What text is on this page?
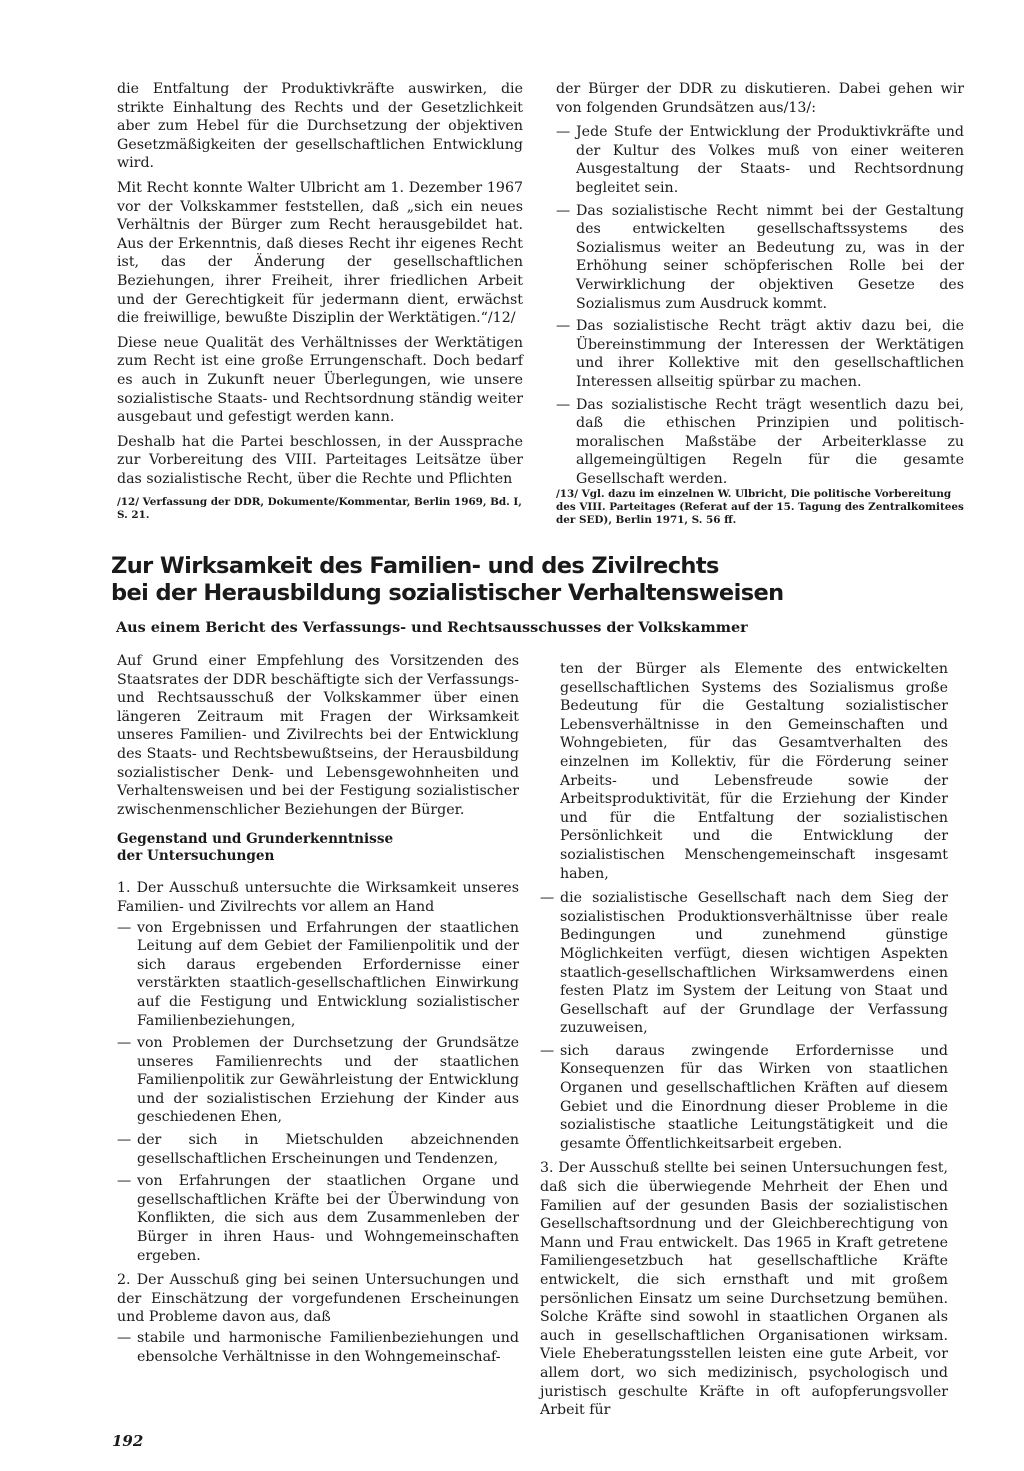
die Entfaltung der Produktivkräfte auswirken, die strikte Einhaltung des Rechts und der Gesetzlichkeit aber zum Hebel für die Durchsetzung der objektiven Gesetzmäßigkeiten der gesellschaftlichen Entwicklung wird.

Mit Recht konnte Walter Ulbricht am 1. Dezember 1967 vor der Volkskammer feststellen, daß „sich ein neues Verhältnis der Bürger zum Recht herausgebildet hat. Aus der Erkenntnis, daß dieses Recht ihr eigenes Recht ist, das der Änderung der gesellschaftlichen Beziehungen, ihrer Freiheit, ihrer friedlichen Arbeit und der Gerechtigkeit für jedermann dient, erwächst die freiwillige, bewußte Disziplin der Werktätigen.“/12/

Diese neue Qualität des Verhältnisses der Werktätigen zum Recht ist eine große Errungenschaft. Doch bedarf es auch in Zukunft neuer Überlegungen, wie unsere sozialistische Staats- und Rechtsordnung ständig weiter ausgebaut und gefestigt werden kann.

Deshalb hat die Partei beschlossen, in der Aussprache zur Vorbereitung des VIII. Parteitages Leitsätze über das sozialistische Recht, über die Rechte und Pflichten

der Bürger der DDR zu diskutieren. Dabei gehen wir von folgenden Grundsätzen aus/13/:

— Jede Stufe der Entwicklung der Produktivkräfte und der Kultur des Volkes muß von einer weiteren Ausgestaltung der Staats- und Rechtsordnung begleitet sein.
— Das sozialistische Recht nimmt bei der Gestaltung des entwickelten gesellschaftssystems des Sozialismus weiter an Bedeutung zu, was in der Erhöhung seiner schöpferischen Rolle bei der Verwirklichung der objektiven Gesetze des Sozialismus zum Ausdruck kommt.
— Das sozialistische Recht trägt aktiv dazu bei, die Übereinstimmung der Interessen der Werktätigen und ihrer Kollektive mit den gesellschaftlichen Interessen allseitig spürbar zu machen.
— Das sozialistische Recht trägt wesentlich dazu bei, daß die ethischen Prinzipien und politisch-moralischen Maßstäbe der Arbeiterklasse zu allgemeingültigen Regeln für die gesamte Gesellschaft werden.
/12/ Verfassung der DDR, Dokumente/Kommentar, Berlin 1969, Bd. I, S. 21.
/13/ Vgl. dazu im einzelnen W. Ulbricht, Die politische Vorbereitung des VIII. Parteitages (Referat auf der 15. Tagung des Zentralkomitees der SED), Berlin 1971, S. 56 ff.
Zur Wirksamkeit des Familien- und des Zivilrechts
bei der Herausbildung sozialistischer Verhaltensweisen
Aus einem Bericht des Verfassungs- und Rechtsausschusses der Volkskammer

Auf Grund einer Empfehlung des Vorsitzenden des Staatsrates der DDR beschäftigte sich der Verfassungs- und Rechtsausschuß der Volkskammer über einen längeren Zeitraum mit Fragen der Wirksamkeit unseres Familien- und Zivilrechts bei der Entwicklung des Staats- und Rechtsbewußtseins, der Herausbildung sozialistischer Denk- und Lebensgewohnheiten und Verhaltensweisen und bei der Festigung sozialistischer zwischenmenschlicher Beziehungen der Bürger.

Gegenstand und Grunderkenntnisse
der Untersuchungen

1. Der Ausschuß untersuchte die Wirksamkeit unseres Familien- und Zivilrechts vor allem an Hand

— von Ergebnissen und Erfahrungen der staatlichen Leitung auf dem Gebiet der Familienpolitik und der sich daraus ergebenden Erfordernisse einer verstärkten staatlich-gesellschaftlichen Einwirkung auf die Festigung und Entwicklung sozialistischer Familienbeziehungen,
— von Problemen der Durchsetzung der Grundsätze unseres Familienrechts und der staatlichen Familienpolitik zur Gewährleistung der Entwicklung und der sozialistischen Erziehung der Kinder aus geschiedenen Ehen,
— der sich in Mietschulden abzeichnenden gesellschaftlichen Erscheinungen und Tendenzen,
— von Erfahrungen der staatlichen Organe und gesellschaftlichen Kräfte bei der Überwindung von Konflikten, die sich aus dem Zusammenleben der Bürger in ihren Haus- und Wohngemeinschaften ergeben.

2. Der Ausschuß ging bei seinen Untersuchungen und der Einschätzung der vorgefundenen Erscheinungen und Probleme davon aus, daß

— stabile und harmonische Familienbeziehungen und ebensolche Verhältnisse in den Wohngemeinschaf-

ten der Bürger als Elemente des entwickelten gesellschaftlichen Systems des Sozialismus große Bedeutung für die Gestaltung sozialistischer Lebensverhältnisse in den Gemeinschaften und Wohngebieten, für das Gesamtverhalten des einzelnen im Kollektiv, für die Förderung seiner Arbeits- und Lebensfreude sowie der Arbeitsproduktivität, für die Erziehung der Kinder und für die Entfaltung der sozialistischen Persönlichkeit und die Entwicklung der sozialistischen Menschengemeinschaft insgesamt haben,

— die sozialistische Gesellschaft nach dem Sieg der sozialistischen Produktionsverhältnisse über reale Bedingungen und zunehmend günstige Möglichkeiten verfügt, diesen wichtigen Aspekten staatlich-gesellschaftlichen Wirksamwerdens einen festen Platz im System der Leitung von Staat und Gesellschaft auf der Grundlage der Verfassung zuzuweisen,
— sich daraus zwingende Erfordernisse und Konsequenzen für das Wirken von staatlichen Organen und gesellschaftlichen Kräften auf diesem Gebiet und die Einordnung dieser Probleme in die sozialistische staatliche Leitungstätigkeit und die gesamte Öffentlichkeitsarbeit ergeben.

3. Der Ausschuß stellte bei seinen Untersuchungen fest, daß sich die überwiegende Mehrheit der Ehen und Familien auf der gesunden Basis der sozialistischen Gesellschaftsordnung und der Gleichberechtigung von Mann und Frau entwickelt. Das 1965 in Kraft getretene Familiengesetzbuch hat gesellschaftliche Kräfte entwickelt, die sich ernsthaft und mit großem persönlichen Einsatz um seine Durchsetzung bemühen. Solche Kräfte sind sowohl in staatlichen Organen als auch in gesellschaftlichen Organisationen wirksam. Viele Eheberatungsstellen leisten eine gute Arbeit, vor allem dort, wo sich medizinisch, psychologisch und juristisch geschulte Kräfte in oft aufopferungsvoller Arbeit für

192
